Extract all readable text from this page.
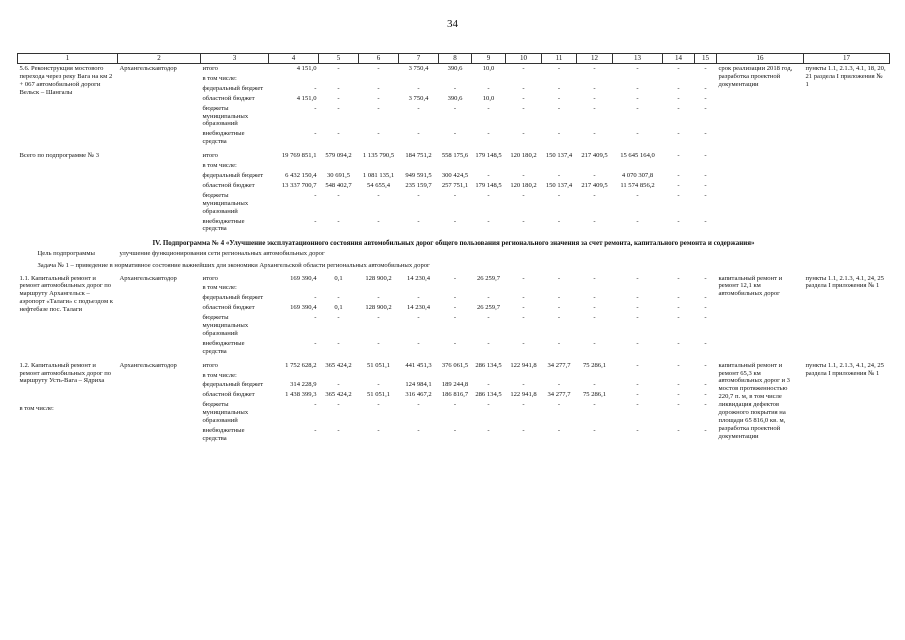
34
1	2	3	4	5	6	7	8	9	10	11	12	13	14	15	16	17

5.6. Реконструкция мостового перехода через реку Вага на км 2 + 067 автомобильной дороги Вельск – Шангалы	Архангельскавтодор	итого	4 151,0	-	-	3 750,4	390,6	10,0	-	-	-	-	-	-	срок реализации 2018 год, разработка проектной документации	пункты 1.1, 2.1.3, 4.1, 18, 20, 21 раздела I приложения № 1
		в том числе:														
		федеральный бюджет	-	-	-	-	-	-	-	-	-	-	-	-		
		областной бюджет	4 151,0	-	-	3 750,4	390,6	10,0	-	-	-	-	-	-		
		бюджеты муниципальных образований	-	-	-	-	-	-	-	-	-	-	-	-		
		внебюджетные средства	-	-	-	-	-	-	-	-	-	-	-	-		

Всего по подпрограмме № 3		итого	19 769 851,1	579 094,2	1 135 790,5	184 751,2	558 175,6	179 148,5	120 180,2	150 137,4	217 409,5	15 645 164,0	-	-		
		в том числе:														
		федеральный бюджет	6 432 150,4	30 691,5	1 081 135,1	949 591,5	300 424,5	-	-	-	-	4 070 307,8	-	-		
		областной бюджет	13 337 700,7	548 402,7	54 655,4	235 159,7	257 751,1	179 148,5	120 180,2	150 137,4	217 409,5	11 574 856,2	-	-		
		бюджеты муниципальных образований	-	-	-	-	-	-	-	-	-	-	-	-		
		внебюджетные средства	-	-	-	-	-	-	-	-	-	-	-	-		

IV. Подпрограмма № 4 «Улучшение эксплуатационного состояния автомобильных дорог общего пользования регионального значения за счет ремонта, капитального ремонта и содержания»																
Цель подпрограммы	улучшение функционирования сети региональных автомобильных дорог															
Задача № 1 – приведение в нормативное состояние важнейших для экономики Архангельской области региональных автомобильных дорог																

1.1. Капитальный ремонт и ремонт автомобильных дорог по маршруту Архангельск – аэропорт «Талаги» с подъездом к нефтебазе пос. Талаги	Архангельскавтодор	итого	169 390,4	0,1	128 900,2	14 230,4	-	26 259,7	-	-	-	-	-	-	капитальный ремонт и ремонт 12,1 км автомобильных дорог	пункты 1.1, 2.1.3, 4.1, 24, 25 раздела I приложения № 1
		в том числе:														
		федеральный бюджет	-	-	-	-	-	-	-	-	-	-	-	-		
		областной бюджет	169 390,4	0,1	128 900,2	14 230,4	-	26 259,7	-	-	-	-	-	-		
		бюджеты муниципальных образований	-	-	-	-	-	-	-	-	-	-	-	-		
		внебюджетные средства	-	-	-	-	-	-	-	-	-	-	-	-		

1.2. Капитальный ремонт и ремонт автомобильных дорог по маршруту Усть-Вага – Ядриха
в том числе:	Архангельскавтодор	итого	1 752 628,2	365 424,2	51 051,1	441 451,3	376 061,5	286 134,5	122 941,8	34 277,7	75 286,1	-	-	-	капитальный ремонт и ремонт 65,3 км автомобильных дорог и 3 мостов протяженностью 220,7 п. м, в том числе ликвидация дефектов дорожного покрытия на площади 65 816,0 кв. м, разработка проектной документации	пункты 1.1, 2.1.3, 4.1, 24, 25 раздела I приложения № 1
		в том числе:														
		федеральный бюджет	314 228,9	-	-	124 984,1	189 244,8	-	-	-	-	-	-	-		
		областной бюджет	1 438 399,3	365 424,2	51 051,1	316 467,2	186 816,7	286 134,5	122 941,8	34 277,7	75 286,1	-	-	-		
		бюджеты муниципальных образований	-	-	-	-	-	-	-	-	-	-	-	-		
		внебюджетные средства	-	-	-	-	-	-	-	-	-	-	-	-		
